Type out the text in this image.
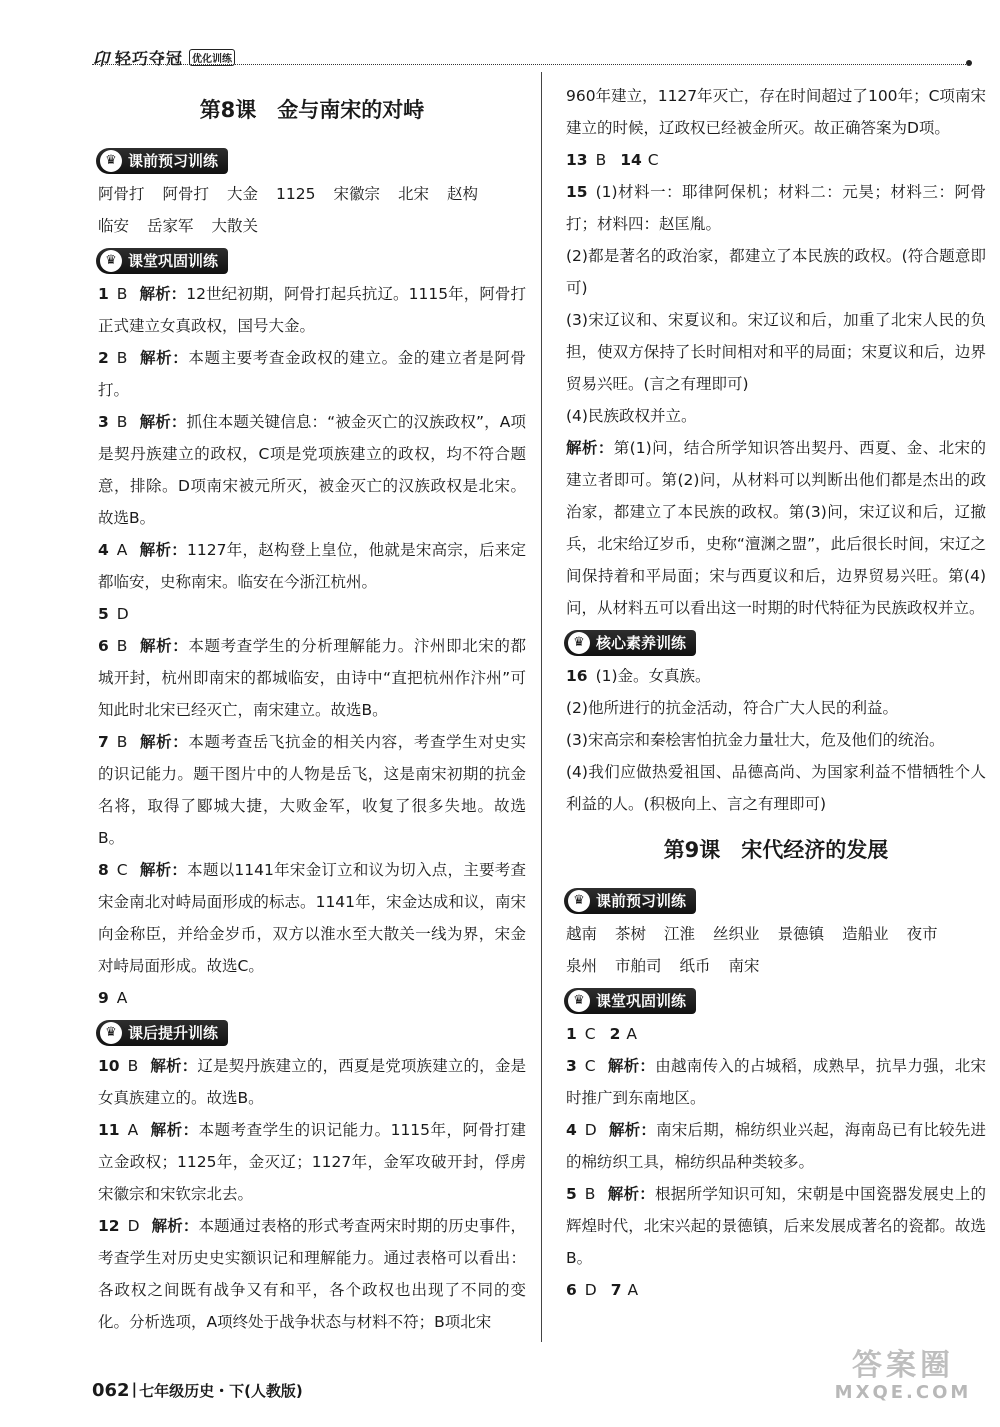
卬 轻巧夺冠 优化训练
第8课　金与南宋的对峙
♛ 课前预习训练
阿骨打 阿骨打 大金 1125 宋徽宗 北宋 赵构
临安 岳家军 大散关
♛ 课堂巩固训练
1 B 解析：12世纪初期，阿骨打起兵抗辽。1115年，阿骨打正式建立女真政权，国号大金。
2 B 解析：本题主要考查金政权的建立。金的建立者是阿骨打。
3 B 解析：抓住本题关键信息：“被金灭亡的汉族政权”，A项是契丹族建立的政权，C项是党项族建立的政权，均不符合题意，排除。D项南宋被元所灭，被金灭亡的汉族政权是北宋。故选B。
4 A 解析：1127年，赵构登上皇位，他就是宋高宗，后来定都临安，史称南宋。临安在今浙江杭州。
5 D
6 B 解析：本题考查学生的分析理解能力。汴州即北宋的都城开封，杭州即南宋的都城临安，由诗中“直把杭州作汴州”可知此时北宋已经灭亡，南宋建立。故选B。
7 B 解析：本题考查岳飞抗金的相关内容，考查学生对史实的识记能力。题干图片中的人物是岳飞，这是南宋初期的抗金名将，取得了郾城大捷，大败金军，收复了很多失地。故选B。
8 C 解析：本题以1141年宋金订立和议为切入点，主要考查宋金南北对峙局面形成的标志。1141年，宋金达成和议，南宋向金称臣，并给金岁币，双方以淮水至大散关一线为界，宋金对峙局面形成。故选C。
9 A
♛ 课后提升训练
10 B 解析：辽是契丹族建立的，西夏是党项族建立的，金是女真族建立的。故选B。
11 A 解析：本题考查学生的识记能力。1115年，阿骨打建立金政权；1125年，金灭辽；1127年，金军攻破开封，俘虏宋徽宗和宋钦宗北去。
12 D 解析：本题通过表格的形式考查两宋时期的历史事件，考查学生对历史史实额识记和理解能力。通过表格可以看出：各政权之间既有战争又有和平，各个政权也出现了不同的变化。分析选项，A项终处于战争状态与材料不符；B项北宋
960年建立，1127年灭亡，存在时间超过了100年；C项南宋建立的时候，辽政权已经被金所灭。故正确答案为D项。
13 B 14 C
15 (1)材料一：耶律阿保机；材料二：元昊；材料三：阿骨打；材料四：赵匡胤。
(2)都是著名的政治家，都建立了本民族的政权。(符合题意即可)
(3)宋辽议和、宋夏议和。宋辽议和后，加重了北宋人民的负担，使双方保持了长时间相对和平的局面；宋夏议和后，边界贸易兴旺。(言之有理即可)
(4)民族政权并立。
解析：第(1)问，结合所学知识答出契丹、西夏、金、北宋的建立者即可。第(2)问，从材料可以判断出他们都是杰出的政治家，都建立了本民族的政权。第(3)问，宋辽议和后，辽撤兵，北宋给辽岁币，史称“澶渊之盟”，此后很长时间，宋辽之间保持着和平局面；宋与西夏议和后，边界贸易兴旺。第(4)问，从材料五可以看出这一时期的时代特征为民族政权并立。
♛ 核心素养训练
16 (1)金。女真族。
(2)他所进行的抗金活动，符合广大人民的利益。
(3)宋高宗和秦桧害怕抗金力量壮大，危及他们的统治。
(4)我们应做热爱祖国、品德高尚、为国家利益不惜牺牲个人利益的人。(积极向上、言之有理即可)
第9课　宋代经济的发展
♛ 课前预习训练
越南 茶树 江淮 丝织业 景德镇 造船业 夜市
泉州 市舶司 纸币 南宋
♛ 课堂巩固训练
1 C 2 A
3 C 解析：由越南传入的占城稻，成熟早，抗旱力强，北宋时推广到东南地区。
4 D 解析：南宋后期，棉纺织业兴起，海南岛已有比较先进的棉纺织工具，棉纺织品种类较多。
5 B 解析：根据所学知识可知，宋朝是中国瓷器发展史上的辉煌时代，北宋兴起的景德镇，后来发展成著名的瓷都。故选B。
6 D 7 A
062 | 七年级历史・下(人教版)
答案圈
MXQE.COM
